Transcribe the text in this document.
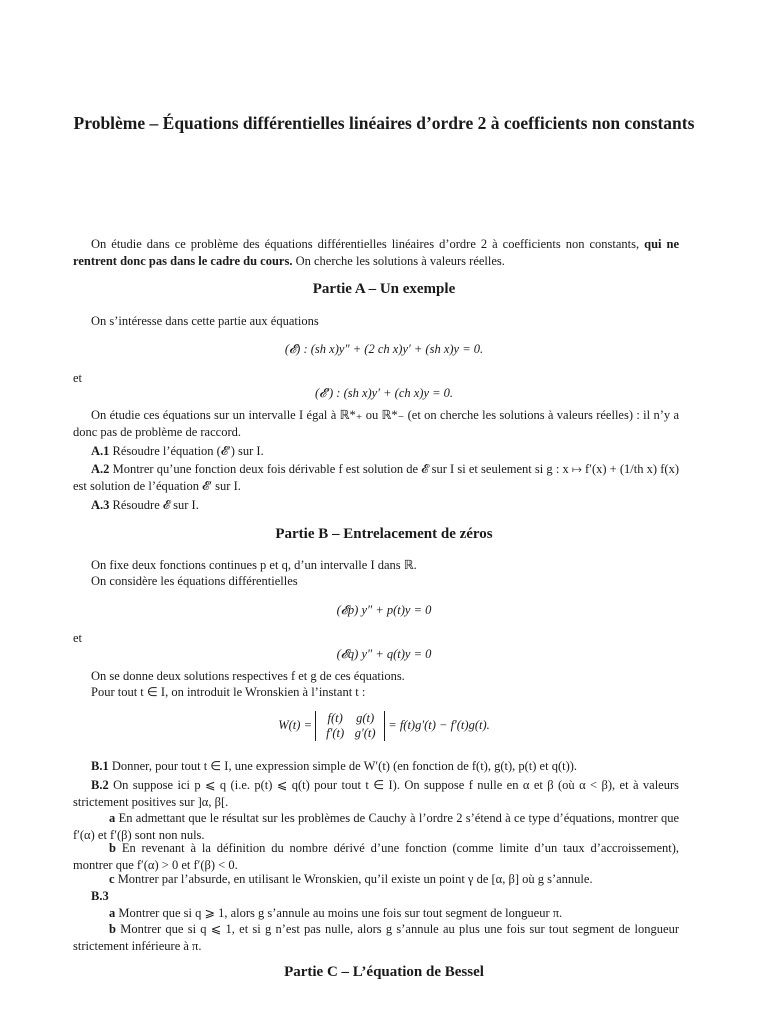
Problème – Équations différentielles linéaires d’ordre 2 à coefficients non constants
On étudie dans ce problème des équations différentielles linéaires d’ordre 2 à coefficients non constants, qui ne rentrent donc pas dans le cadre du cours. On cherche les solutions à valeurs réelles.
Partie A – Un exemple
On s’intéresse dans cette partie aux équations
(𝓔) : (sh x)y″ + (2 ch x)y′ + (sh x)y = 0.
et
(𝓔′) : (sh x)y′ + (ch x)y = 0.
On étudie ces équations sur un intervalle I égal à ℝ*₊ ou ℝ*₋ (et on cherche les solutions à valeurs réelles) : il n’y a donc pas de problème de raccord.
A.1 Résoudre l’équation (𝓔′) sur I.
A.2 Montrer qu’une fonction deux fois dérivable f est solution de 𝓔 sur I si et seulement si g : x ↦ f′(x) + (1/th x) f(x) est solution de l’équation 𝓔′ sur I.
A.3 Résoudre 𝓔 sur I.
Partie B – Entrelacement de zéros
On fixe deux fonctions continues p et q, d’un intervalle I dans ℝ.
On considère les équations différentielles
(𝓔p) y″ + p(t)y = 0
et
(𝓔q) y″ + q(t)y = 0
On se donne deux solutions respectives f et g de ces équations.
Pour tout t ∈ I, on introduit le Wronskien à l’instant t :
W(t) = f(t) g(t)
f′(t) g′(t) = f(t)g′(t) − f′(t)g(t).
B.1 Donner, pour tout t ∈ I, une expression simple de W′(t) (en fonction de f(t), g(t), p(t) et q(t)).
B.2 On suppose ici p ⩽ q (i.e. p(t) ⩽ q(t) pour tout t ∈ I). On suppose f nulle en α et β (où α < β), et à valeurs strictement positives sur ]α, β[.
a En admettant que le résultat sur les problèmes de Cauchy à l’ordre 2 s’étend à ce type d’équations, montrer que f′(α) et f′(β) sont non nuls.
b En revenant à la définition du nombre dérivé d’une fonction (comme limite d’un taux d’accroissement), montrer que f′(α) > 0 et f′(β) < 0.
c Montrer par l’absurde, en utilisant le Wronskien, qu’il existe un point γ de [α, β] où g s’annule.
B.3
a Montrer que si q ⩾ 1, alors g s’annule au moins une fois sur tout segment de longueur π.
b Montrer que si q ⩽ 1, et si g n’est pas nulle, alors g s’annule au plus une fois sur tout segment de longueur strictement inférieure à π.
Partie C – L’équation de Bessel
